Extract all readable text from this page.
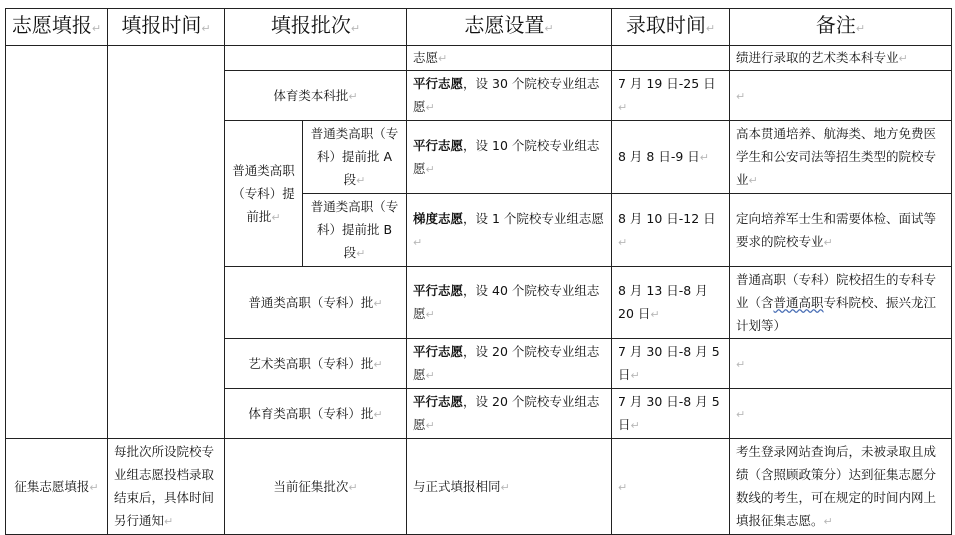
志愿填报↵	填报时间↵	填报批次↵		志愿设置↵	录取时间↵	备注↵
				志愿↵		绩进行录取的艺术类本科专业↵
		体育类本科批↵		平行志愿，设 30 个院校专业组志愿↵	7 月 19 日-25 日↵	↵
		普通类高职（专科）提前批↵	普通类高职（专科）提前批 A 段↵	平行志愿，设 10 个院校专业组志愿↵	8 月 8 日-9 日↵	高本贯通培养、航海类、地方免费医学生和公安司法等招生类型的院校专业↵
			普通类高职（专科）提前批 B 段↵	梯度志愿，设 1 个院校专业组志愿↵	8 月 10 日-12 日↵	定向培养军士生和需要体检、面试等要求的院校专业↵
		普通类高职（专科）批↵		平行志愿，设 40 个院校专业组志愿↵	8 月 13 日-8 月 20 日↵	普通高职（专科）院校招生的专科专业（含普通高职专科院校、振兴龙江计划等）
		艺术类高职（专科）批↵		平行志愿，设 20 个院校专业组志愿↵	7 月 30 日-8 月 5 日↵	↵
		体育类高职（专科）批↵		平行志愿，设 20 个院校专业组志愿↵	7 月 30 日-8 月 5 日↵	↵
征集志愿填报↵	每批次所设院校专业组志愿投档录取结束后，具体时间另行通知↵	当前征集批次↵		与正式填报相同↵	↵	考生登录网站查询后，未被录取且成绩（含照顾政策分）达到征集志愿分数线的考生，可在规定的时间内网上填报征集志愿。↵
